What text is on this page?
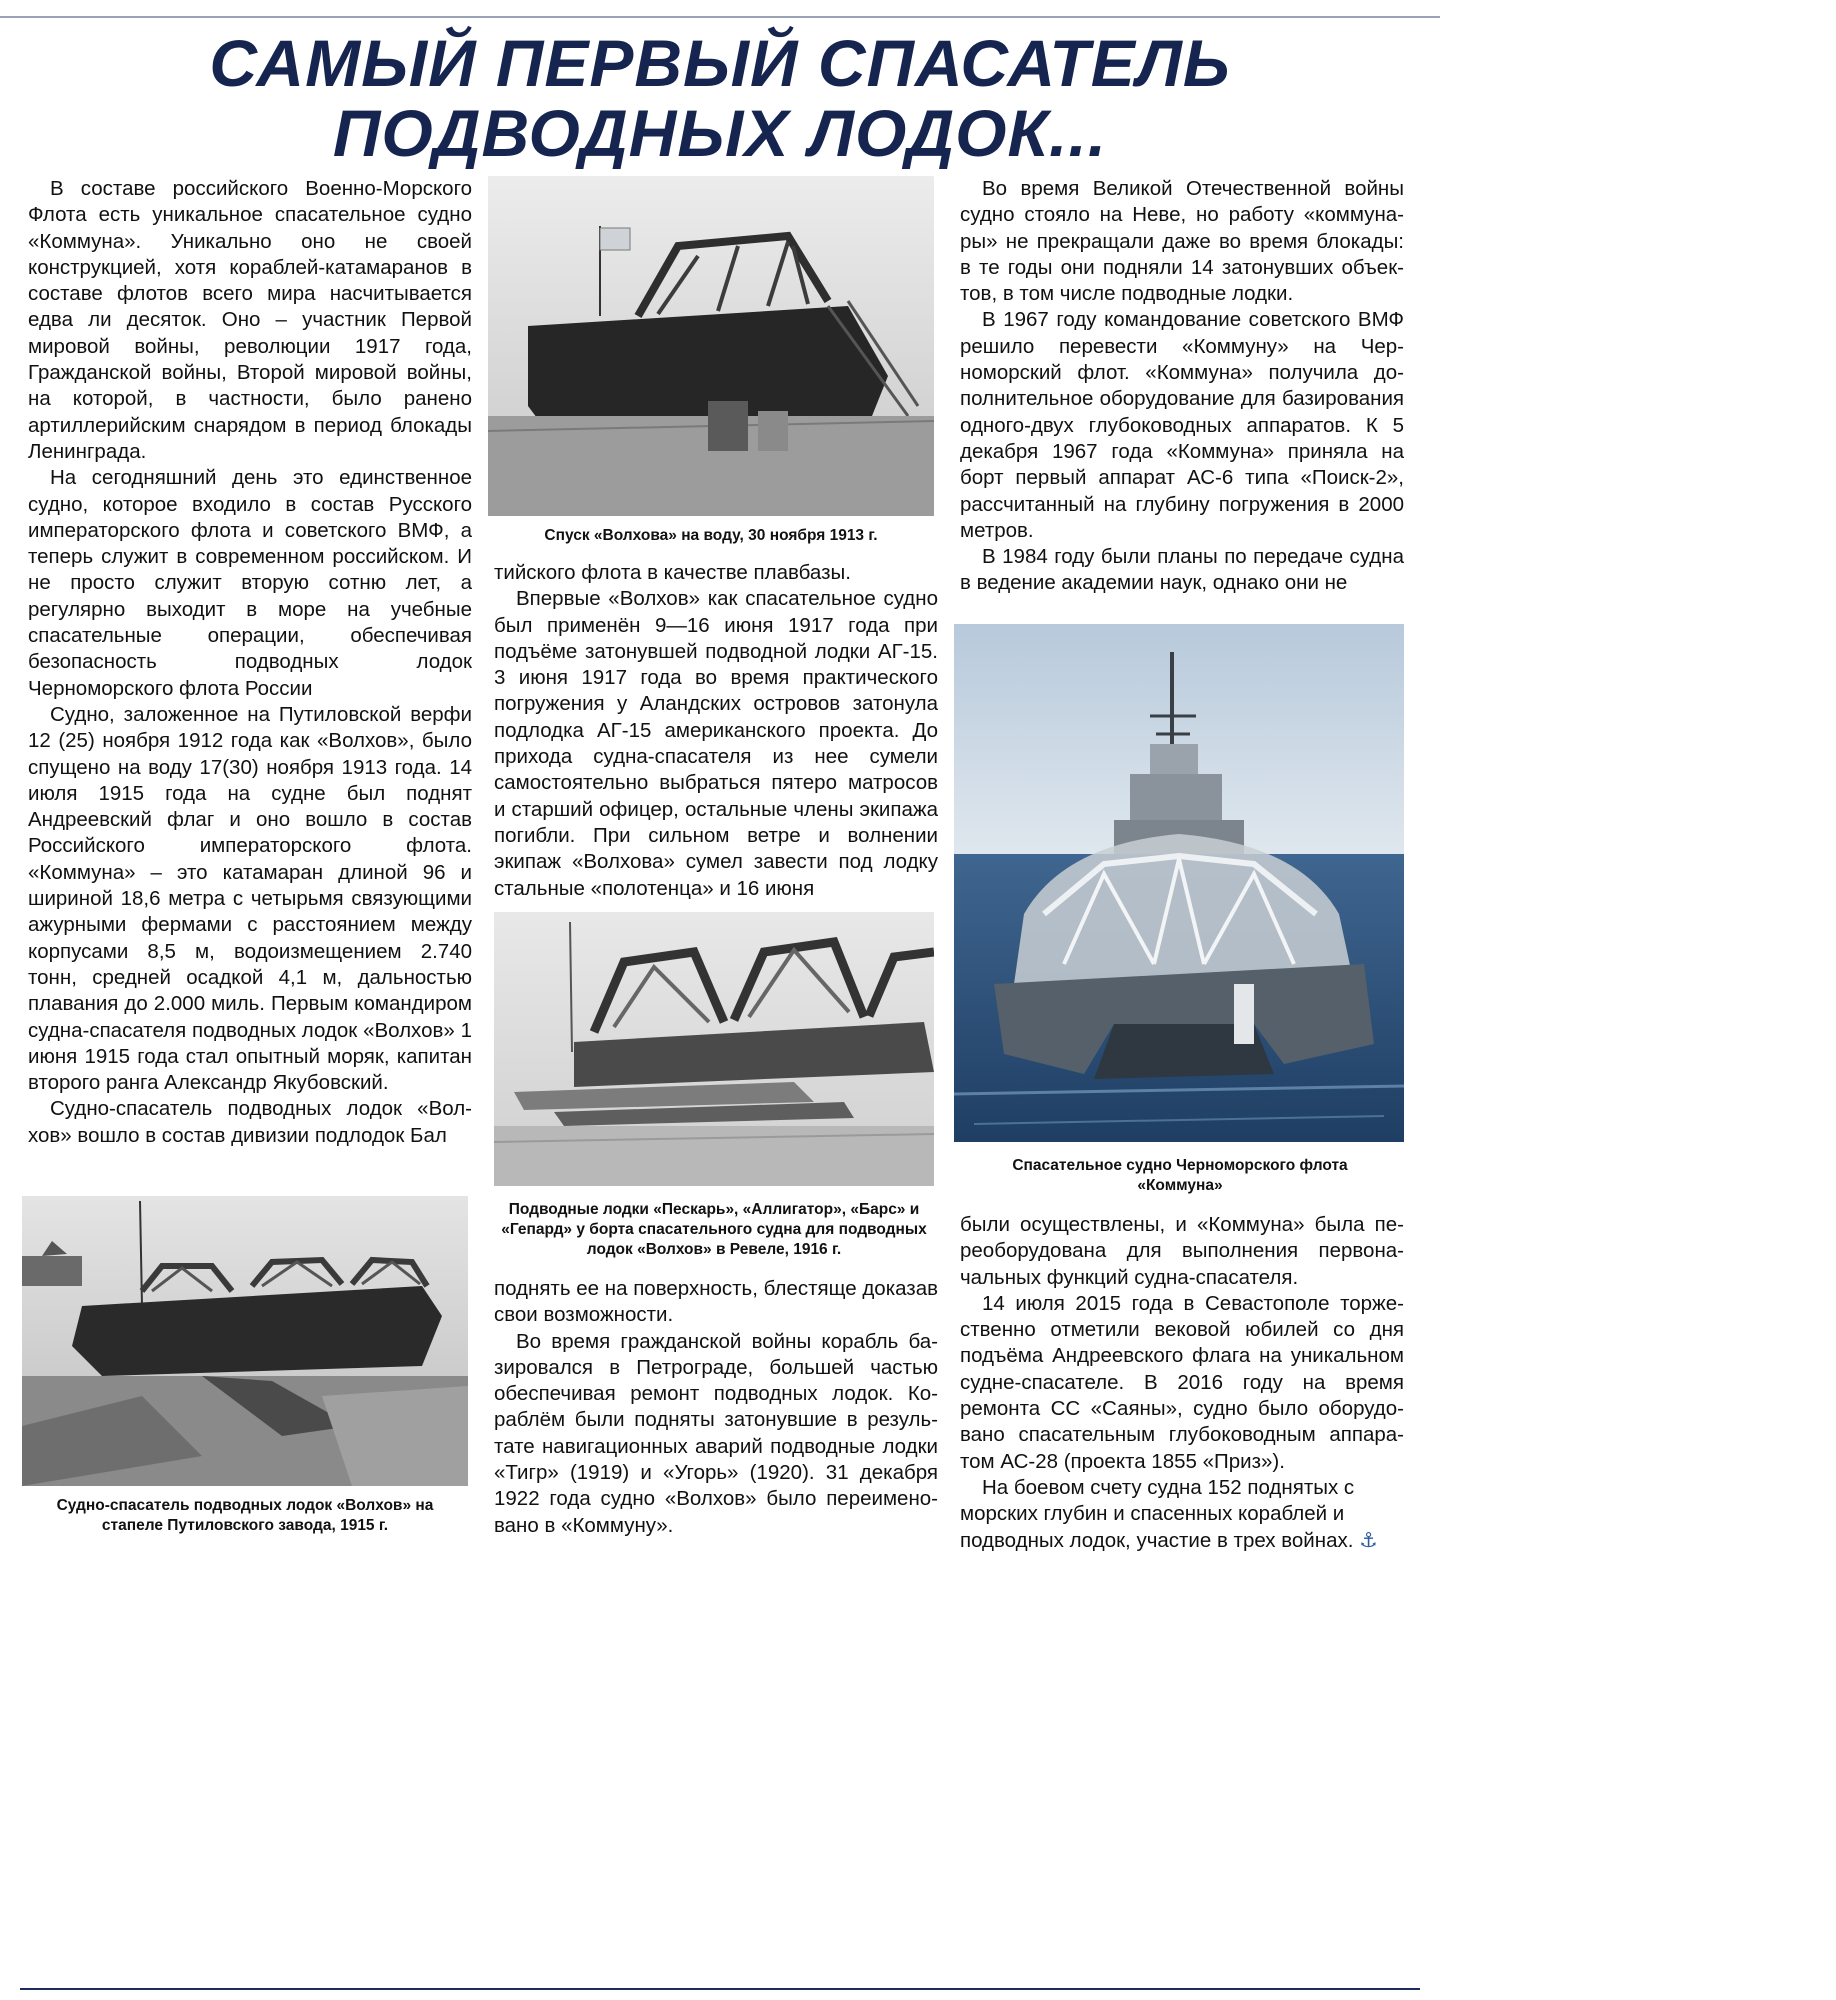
САМЫЙ ПЕРВЫЙ СПАСАТЕЛЬ ПОДВОДНЫХ ЛОДОК...

В составе российского Военно-Морского Флота есть уникальное спасательное судно «Коммуна». Уникально оно не своей конструкцией, хотя кораблей-катамаранов в составе флотов всего мира насчитывается едва ли десяток. Оно – участник Первой мировой войны, революции 1917 года, Гражданской войны, Второй мировой войны, на которой, в частности, было ранено артиллерийским снарядом в период блокады Ленинграда.

На сегодняшний день это единственное судно, которое входило в состав Русского императорского флота и советского ВМФ, а теперь служит в современном российском. И не просто служит вторую сотню лет, а регулярно выходит в море на учебные спасательные операции, обеспечивая безопасность подводных лодок Черноморского флота России

Судно, заложенное на Путиловской верфи 12 (25) ноября 1912 года как «Волхов», было спущено на воду 17(30) ноября 1913 года. 14 июля 1915 года на судне был поднят Андреевский флаг и оно вошло в состав Российского императорского флота. «Коммуна» – это катамаран длиной 96 и шириной 18,6 метра с четырьмя связующими ажурными фермами с расстоянием между корпусами 8,5 м, водоизмещением 2.740 тонн, средней осадкой 4,1 м, дальностью плавания до 2.000 миль. Первым командиром судна-спасателя подводных лодок «Волхов» 1 июня 1915 года стал опытный моряк, капитан второго ранга Александр Якубовский.

Судно-спасатель подводных лодок «Волхов» вошло в состав дивизии подлодок Бал

Судно-спасатель подводных лодок «Волхов» на стапеле Путиловского завода, 1915 г.
Спуск «Волхова» на воду, 30 ноября 1913 г.

тийского флота в качестве плавбазы.

Впервые «Волхов» как спасательное судно был применён 9—16 июня 1917 года при подъёме затонувшей подводной лодки АГ-15. 3 июня 1917 года во время практического погружения у Аландских островов затонула подлодка АГ-15 американского проекта. До прихода судна-спасателя из нее сумели самостоятельно выбраться пятеро матросов и старший офицер, остальные члены экипажа погибли. При сильном ветре и волнении экипаж «Волхова» сумел завести под лодку стальные «полотенца» и 16 июня

Подводные лодки «Пескарь», «Аллигатор», «Барс» и «Гепард» у борта спасательного судна для подводных лодок «Волхов» в Ревеле, 1916 г.

поднять ее на поверхность, блестяще доказав свои возможности.

Во время гражданской войны корабль базировался в Петрограде, большей частью обеспечивая ремонт подводных лодок. Кораблём были подняты затонувшие в результате навигационных аварий подводные лодки «Тигр» (1919) и «Угорь» (1920). 31 декабря 1922 года судно «Волхов» было переименовано в «Коммуну».

Во время Великой Отечественной войны судно стояло на Неве, но работу «коммунары» не прекращали даже во время блокады: в те годы они подняли 14 затонувших объектов, в том числе подводные лодки.

В 1967 году командование советского ВМФ решило перевести «Коммуну» на Черноморский флот. «Коммуна» получила дополнительное оборудование для базирования одного-двух глубоководных аппаратов. К 5 декабря 1967 года «Коммуна» приняла на борт первый аппарат АС-6 типа «Поиск-2», рассчитанный на глубину погружения в 2000 метров.

В 1984 году были планы по передаче судна в ведение академии наук, однако они не

Спасательное судно Черноморского флота «Коммуна»

были осуществлены, и «Коммуна» была переоборудована для выполнения первоначальных функций судна-спасателя.

14 июля 2015 года в Севастополе торжественно отметили вековой юбилей со дня подъёма Андреевского флага на уникальном судне-спасателе. В 2016 году на время ремонта СС «Саяны», судно было оборудовано спасательным глубоководным аппаратом АС-28 (проекта 1855 «Приз»).

На боевом счету судна 152 поднятых с морских глубин и спасенных кораблей и подводных лодок, участие в трех войнах. ⚓
